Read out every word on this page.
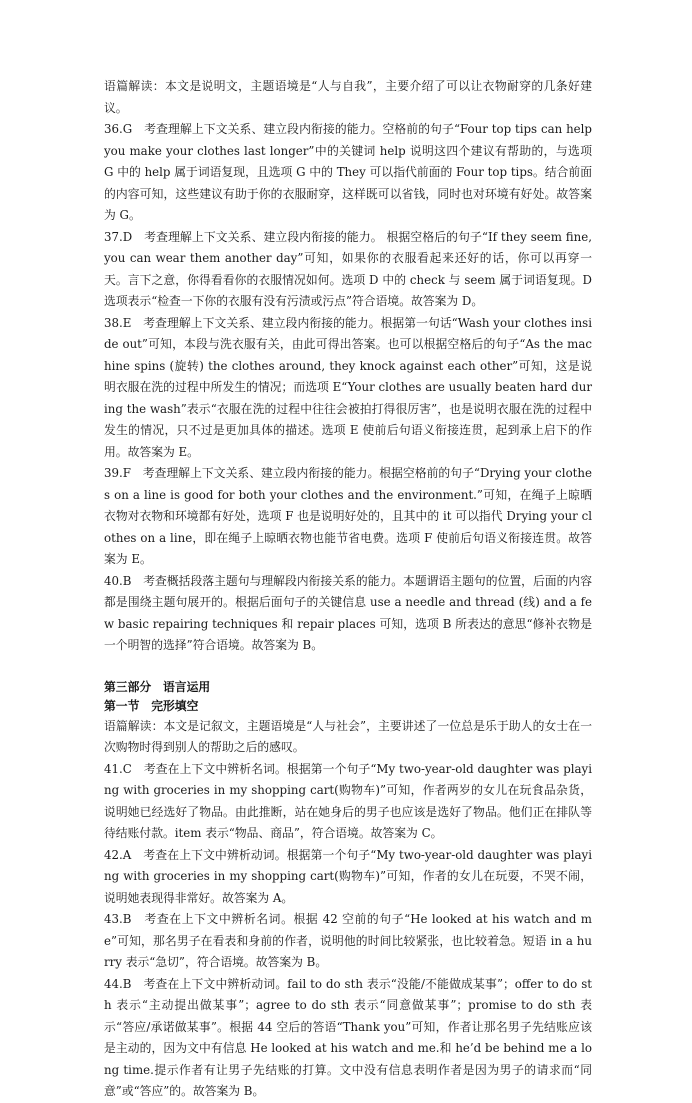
语篇解读：本文是说明文，主题语境是“人与自我”，主要介绍了可以让衣物耐穿的几条好建议。

36.G　考查理解上下文关系、建立段内衔接的能力。空格前的句子“Four top tips can help you make your clothes last longer”中的关键词 help 说明这四个建议有帮助的，与选项 G 中的 help 属于词语复现，且选项 G 中的 They 可以指代前面的 Four top tips。结合前面的内容可知，这些建议有助于你的衣服耐穿，这样既可以省钱，同时也对环境有好处。故答案为 G。

37.D　考查理解上下文关系、建立段内衔接的能力。 根据空格后的句子“If they seem fine, you can wear them another day”可知，如果你的衣服看起来还好的话，你可以再穿一天。言下之意，你得看看你的衣服情况如何。选项 D 中的 check 与 seem 属于词语复现。D 选项表示“检查一下你的衣服有没有污渍或污点”符合语境。故答案为 D。

38.E　考查理解上下文关系、建立段内衔接的能力。根据第一句话“Wash your clothes inside out”可知，本段与洗衣服有关，由此可得出答案。也可以根据空格后的句子“As the machine spins (旋转) the clothes around, they knock against each other”可知，这是说明衣服在洗的过程中所发生的情况；而选项 E“Your clothes are usually beaten hard during the wash”表示“衣服在洗的过程中往往会被拍打得很厉害”，也是说明衣服在洗的过程中发生的情况，只不过是更加具体的描述。选项 E 使前后句语义衔接连贯，起到承上启下的作用。故答案为 E。

39.F　考查理解上下文关系、建立段内衔接的能力。根据空格前的句子“Drying your clothes on a line is good for both your clothes and the environment.”可知，在绳子上晾晒衣物对衣物和环境都有好处，选项 F 也是说明好处的，且其中的 it 可以指代 Drying your clothes on a line，即在绳子上晾晒衣物也能节省电费。选项 F 使前后句语义衔接连贯。故答案为 E。

40.B　考查概括段落主题句与理解段内衔接关系的能力。本题谓语主题句的位置，后面的内容都是围绕主题句展开的。根据后面句子的关键信息 use a needle and thread (线) and a few basic repairing techniques 和 repair places 可知，选项 B 所表达的意思“修补衣物是一个明智的选择”符合语境。故答案为 B。

第三部分　语言运用

第一节　完形填空

语篇解读：本文是记叙文，主题语境是“人与社会”，主要讲述了一位总是乐于助人的女士在一次购物时得到别人的帮助之后的感叹。

41.C　考查在上下文中辨析名词。根据第一个句子“My two-year-old daughter was playing with groceries in my shopping cart(购物车)”可知，作者两岁的女儿在玩食品杂货，说明她已经选好了物品。由此推断，站在她身后的男子也应该是选好了物品。他们正在排队等待结账付款。item 表示“物品、商品”，符合语境。故答案为 C。

42.A　考查在上下文中辨析动词。根据第一个句子“My two-year-old daughter was playing with groceries in my shopping cart(购物车)”可知，作者的女儿在玩耍，不哭不闹，说明她表现得非常好。故答案为 A。

43.B　考查在上下文中辨析名词。根据 42 空前的句子“He looked at his watch and me”可知，那名男子在看表和身前的作者，说明他的时间比较紧张，也比较着急。短语 in a hurry 表示“急切”，符合语境。故答案为 B。

44.B　考查在上下文中辨析动词。fail to do sth 表示“没能/不能做成某事”；offer to do sth 表示“主动提出做某事”；agree to do sth 表示“同意做某事”；promise to do sth 表示“答应/承诺做某事”。根据 44 空后的答语“Thank you”可知，作者让那名男子先结账应该是主动的，因为文中有信息 He looked at his watch and me.和 he’d be behind me a long time.提示作者有让男子先结账的打算。文中没有信息表明作者是因为男子的请求而“同意”或“答应”的。故答案为 B。
